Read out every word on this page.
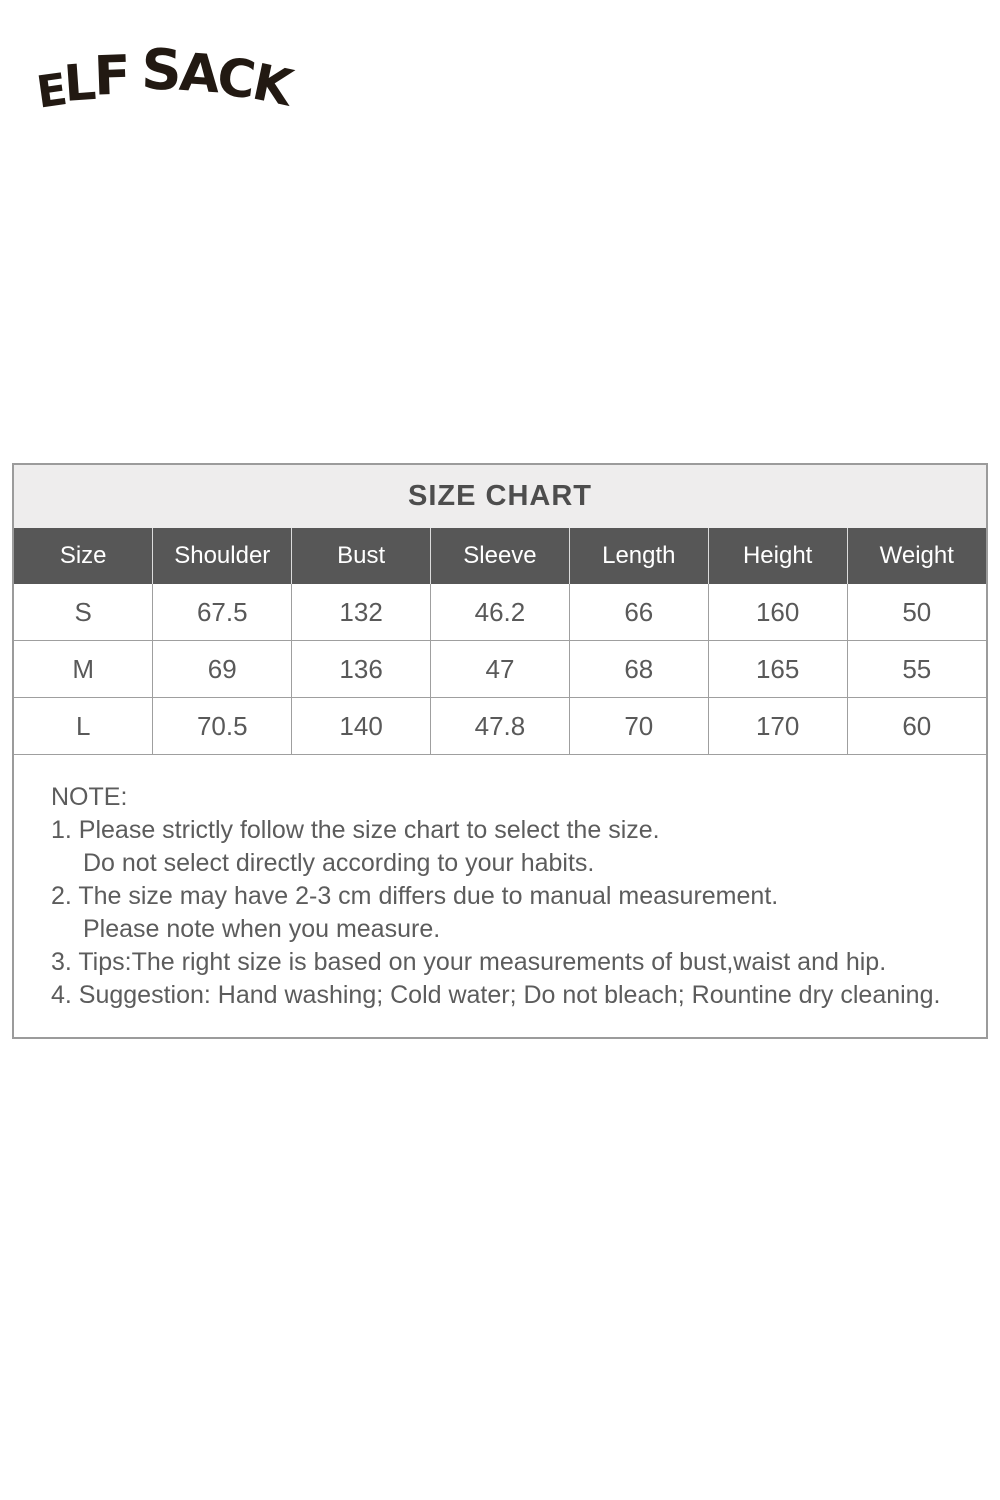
ELF SACK
SIZE CHART
Size	Shoulder	Bust	Sleeve	Length	Height	Weight
S	67.5	132	46.2	66	160	50
M	69	136	47	68	165	55
L	70.5	140	47.8	70	170	60
NOTE:
1. Please strictly follow the size chart to select the size.
Do not select directly according to your habits.
2. The size may have 2-3 cm differs due to manual measurement.
Please note when you measure.
3. Tips:The right size is based on your measurements of bust,waist and hip.
4. Suggestion: Hand washing; Cold water; Do not bleach; Rountine dry cleaning.
